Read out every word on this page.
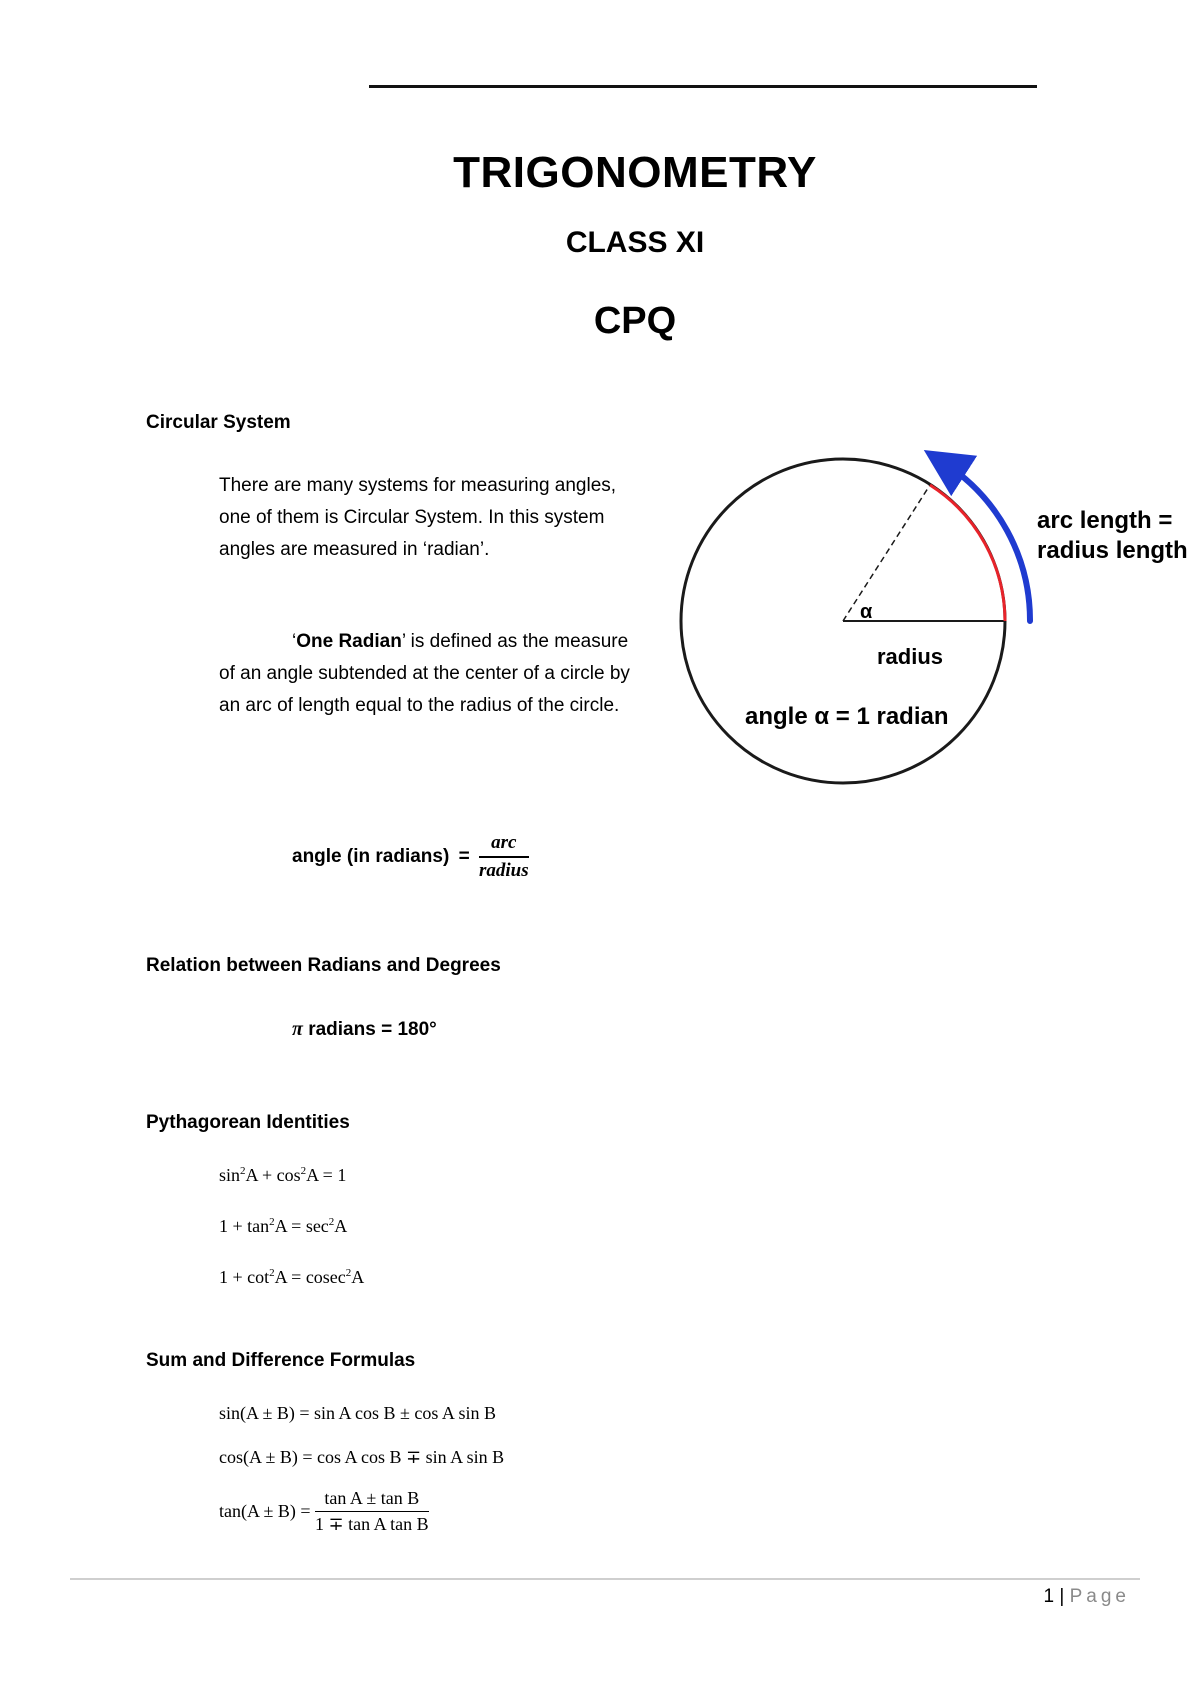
TRIGONOMETRY
CLASS XI
CPQ
Circular System
There are many systems for measuring angles, one of them is Circular System. In this system angles are measured in ‘radian’.
‘One Radian’ is defined as the measure of an angle subtended at the center of a circle by an arc of length equal to the radius of the circle.
angle (in radians) = $\frac{\text{arc}}{\text{radius}}$
α
radius
angle α = 1 radian
arc length =
radius length
Relation between Radians and Degrees
π radians = 180°
Pythagorean Identities
$\sin^2A + \cos^2A = 1$
$1 + \tan^2A = \sec^2A$
$1 + \cot^2A = cosec^2A$
Sum and Difference Formulas
sin(A ± B) = sin A cos B ± cos A sin B
cos(A ± B) = cos A cos B ∓ sin A sin B
$\tan(A \pm B) = \frac{\text{tan A ± tan B}}{\text{1 ∓ tan A tan B}}$
1 | Page
